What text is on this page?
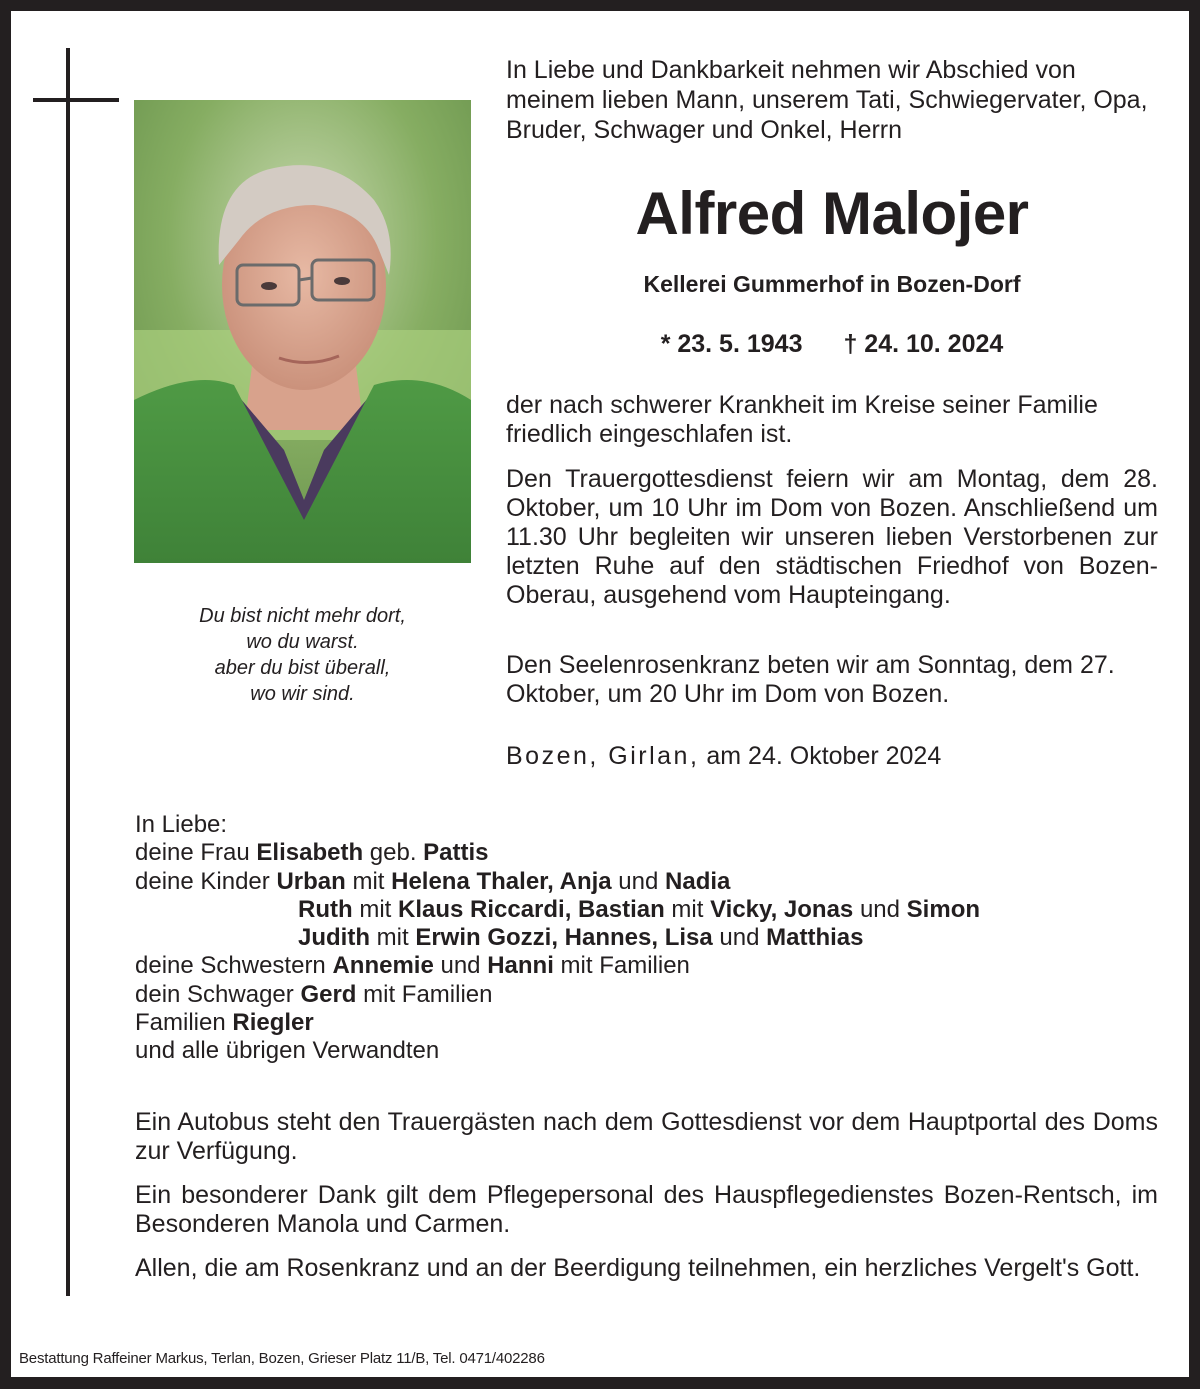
Du bist nicht mehr dort,
wo du warst.
aber du bist überall,
wo wir sind.
In Liebe und Dankbarkeit nehmen wir Abschied von meinem lieben Mann, unserem Tati, Schwiegervater, Opa, Bruder, Schwager und Onkel, Herrn
Alfred Malojer
Kellerei Gummerhof in Bozen-Dorf
* 23. 5. 1943 † 24. 10. 2024
der nach schwerer Krankheit im Kreise seiner Familie friedlich eingeschlafen ist.
Den Trauergottesdienst feiern wir am Montag, dem 28. Oktober, um 10 Uhr im Dom von Bozen. Anschließend um 11.30 Uhr begleiten wir unseren lieben Verstorbenen zur letzten Ruhe auf den städtischen Friedhof von Bozen-Oberau, ausgehend vom Haupteingang.
Den Seelenrosenkranz beten wir am Sonntag, dem 27. Oktober, um 20 Uhr im Dom von Bozen.
Bozen, Girlan, am 24. Oktober 2024
In Liebe:
deine Frau Elisabeth geb. Pattis
deine Kinder Urban mit Helena Thaler, Anja und Nadia
Ruth mit Klaus Riccardi, Bastian mit Vicky, Jonas und Simon
Judith mit Erwin Gozzi, Hannes, Lisa und Matthias
deine Schwestern Annemie und Hanni mit Familien
dein Schwager Gerd mit Familien
Familien Riegler
und alle übrigen Verwandten
Ein Autobus steht den Trauergästen nach dem Gottesdienst vor dem Hauptportal des Doms zur Verfügung.
Ein besonderer Dank gilt dem Pflegepersonal des Hauspflegedienstes Bozen-Rentsch, im Besonderen Manola und Carmen.
Allen, die am Rosenkranz und an der Beerdigung teilnehmen, ein herzliches Vergelt's Gott.
Bestattung Raffeiner Markus, Terlan, Bozen, Grieser Platz 11/B, Tel. 0471/402286
